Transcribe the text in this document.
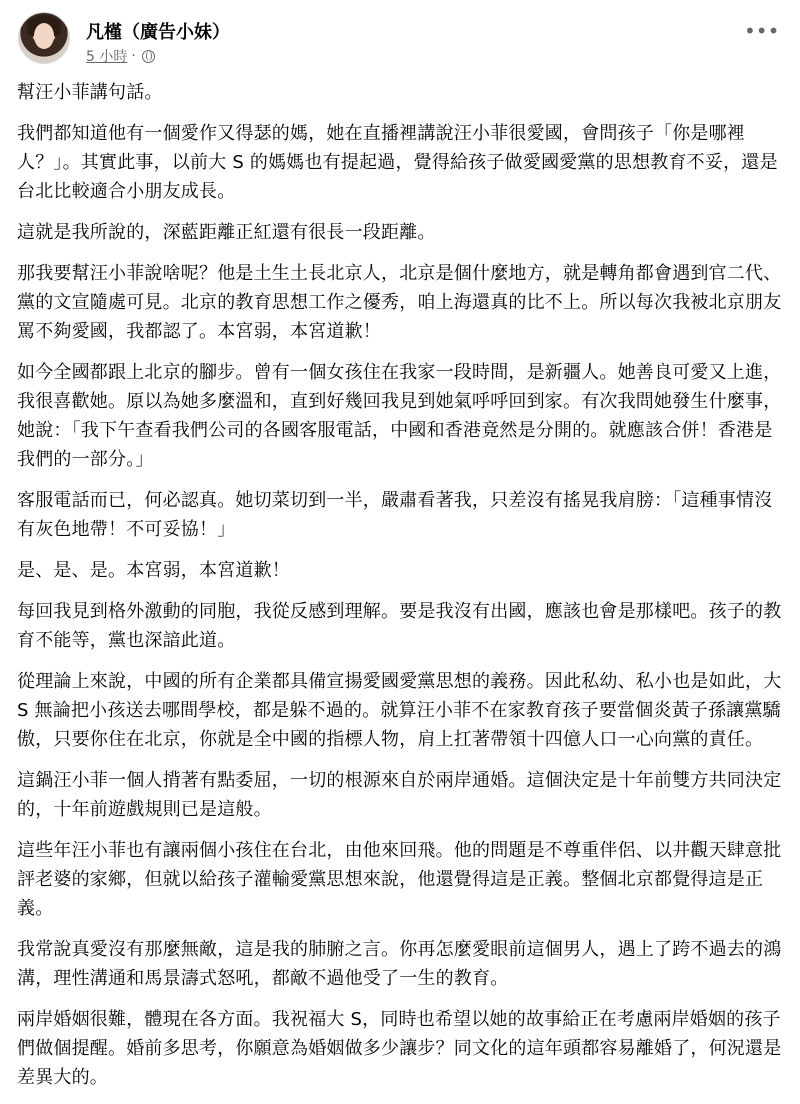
凡槿（廣告小妹）
5 小時 ·
•••

幫汪小菲講句話。

我們都知道他有一個愛作又得瑟的媽，她在直播裡講說汪小菲很愛國，會問孩子「你是哪裡人？」。其實此事，以前大 S 的媽媽也有提起過，覺得給孩子做愛國愛黨的思想教育不妥，還是台北比較適合小朋友成長。

這就是我所說的，深藍距離正紅還有很長一段距離。

那我要幫汪小菲說啥呢？他是土生土長北京人，北京是個什麼地方，就是轉角都會遇到官二代、黨的文宣隨處可見。北京的教育思想工作之優秀，咱上海還真的比不上。所以每次我被北京朋友罵不夠愛國，我都認了。本宮弱，本宮道歉！

如今全國都跟上北京的腳步。曾有一個女孩住在我家一段時間，是新疆人。她善良可愛又上進，我很喜歡她。原以為她多麼溫和，直到好幾回我見到她氣呼呼回到家。有次我問她發生什麼事，她說：「我下午查看我們公司的各國客服電話，中國和香港竟然是分開的。就應該合併！香港是我們的一部分。」

客服電話而已，何必認真。她切菜切到一半，嚴肅看著我，只差沒有搖晃我肩膀：「這種事情沒有灰色地帶！不可妥協！」

是、是、是。本宮弱，本宮道歉！

每回我見到格外激動的同胞，我從反感到理解。要是我沒有出國，應該也會是那樣吧。孩子的教育不能等，黨也深諳此道。

從理論上來說，中國的所有企業都具備宣揚愛國愛黨思想的義務。因此私幼、私小也是如此，大 S 無論把小孩送去哪間學校，都是躲不過的。就算汪小菲不在家教育孩子要當個炎黃子孫讓黨驕傲，只要你住在北京，你就是全中國的指標人物，肩上扛著帶領十四億人口一心向黨的責任。

這鍋汪小菲一個人揹著有點委屈，一切的根源來自於兩岸通婚。這個決定是十年前雙方共同決定的，十年前遊戲規則已是這般。

這些年汪小菲也有讓兩個小孩住在台北，由他來回飛。他的問題是不尊重伴侶、以井觀天肆意批評老婆的家鄉，但就以給孩子灌輸愛黨思想來說，他還覺得這是正義。整個北京都覺得這是正義。

我常說真愛沒有那麼無敵，這是我的肺腑之言。你再怎麼愛眼前這個男人，遇上了跨不過去的鴻溝，理性溝通和馬景濤式怒吼，都敵不過他受了一生的教育。

兩岸婚姻很難，體現在各方面。我祝福大 S，同時也希望以她的故事給正在考慮兩岸婚姻的孩子們做個提醒。婚前多思考，你願意為婚姻做多少讓步？同文化的這年頭都容易離婚了，何況還是差異大的。
